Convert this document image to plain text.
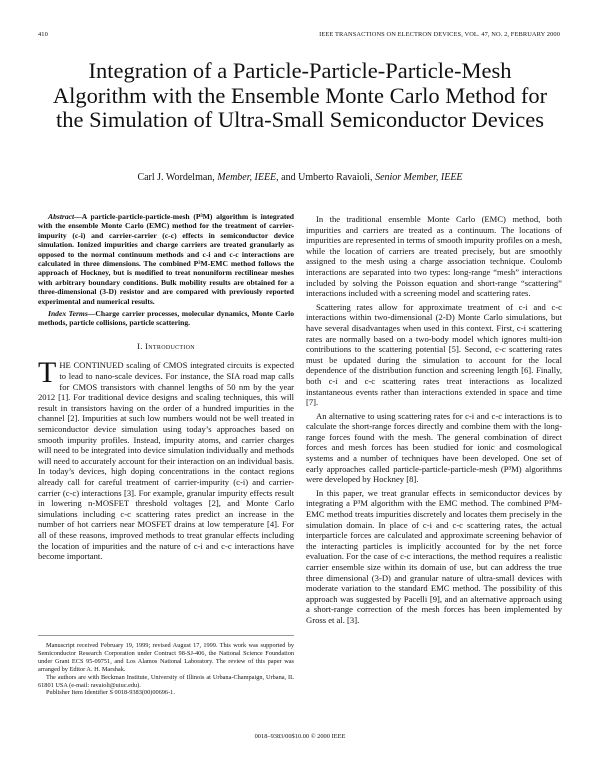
410	IEEE TRANSACTIONS ON ELECTRON DEVICES, VOL. 47, NO. 2, FEBRUARY 2000
Integration of a Particle-Particle-Particle-Mesh Algorithm with the Ensemble Monte Carlo Method for the Simulation of Ultra-Small Semiconductor Devices
Carl J. Wordelman, Member, IEEE, and Umberto Ravaioli, Senior Member, IEEE

Abstract—A particle-particle-particle-mesh (P³M) algorithm is integrated with the ensemble Monte Carlo (EMC) method for the treatment of carrier-impurity (c-i) and carrier-carrier (c-c) effects in semiconductor device simulation. Ionized impurities and charge carriers are treated granularly as opposed to the normal continuum methods and c-i and c-c interactions are calculated in three dimensions. The combined P³M-EMC method follows the approach of Hockney, but is modified to treat nonuniform rectilinear meshes with arbitrary boundary conditions. Bulk mobility results are obtained for a three-dimensional (3-D) resistor and are compared with previously reported experimental and numerical results.

Index Terms—Charge carrier processes, molecular dynamics, Monte Carlo methods, particle collisions, particle scattering.

I. Introduction

THE CONTINUED scaling of CMOS integrated circuits is expected to lead to nano-scale devices. For instance, the SIA road map calls for CMOS transistors with channel lengths of 50 nm by the year 2012 [1]. For traditional device designs and scaling techniques, this will result in transistors having on the order of a hundred impurities in the channel [2]. Impurities at such low numbers would not be well treated in semiconductor device simulation using today’s approaches based on smooth impurity profiles. Instead, impurity atoms, and carrier charges will need to be integrated into device simulation individually and methods will need to accurately account for their interaction on an individual basis. In today’s devices, high doping concentrations in the contact regions already call for careful treatment of carrier-impurity (c-i) and carrier-carrier (c-c) interactions [3]. For example, granular impurity effects result in lowering n-MOSFET threshold voltages [2], and Monte Carlo simulations including c-c scattering rates predict an increase in the number of hot carriers near MOSFET drains at low temperature [4]. For all of these reasons, improved methods to treat granular effects including the location of impurities and the nature of c-i and c-c interactions have become important.

Manuscript received February 19, 1999; revised August 17, 1999. This work was supported by Semiconductor Research Corporation under Contract 98-SJ-406, the National Science Foundation under Grant ECS 95-09751, and Los Alamos National Laboratory. The review of this paper was arranged by Editor A. H. Marshak.

The authors are with Beckman Institute, University of Illinois at Urbana-Champaign, Urbana, IL 61801 USA (e-mail: ravaioli@uiuc.edu).

Publisher Item Identifier S 0018-9383(00)00696-1.

In the traditional ensemble Monte Carlo (EMC) method, both impurities and carriers are treated as a continuum. The locations of impurities are represented in terms of smooth impurity profiles on a mesh, while the location of carriers are treated precisely, but are smoothly assigned to the mesh using a charge association technique. Coulomb interactions are separated into two types: long-range “mesh” interactions included by solving the Poisson equation and short-range “scattering” interactions included with a screening model and scattering rates.

Scattering rates allow for approximate treatment of c-i and c-c interactions within two-dimensional (2-D) Monte Carlo simulations, but have several disadvantages when used in this context. First, c-i scattering rates are normally based on a two-body model which ignores multi-ion contributions to the scattering potential [5]. Second, c-c scattering rates must be updated during the simulation to account for the local dependence of the distribution function and screening length [6]. Finally, both c-i and c-c scattering rates treat interactions as localized instantaneous events rather than interactions extended in space and time [7].

An alternative to using scattering rates for c-i and c-c interactions is to calculate the short-range forces directly and combine them with the long-range forces found with the mesh. The general combination of direct forces and mesh forces has been studied for ionic and cosmological systems and a number of techniques have been developed. One set of early approaches called particle-particle-particle-mesh (P³M) algorithms were developed by Hockney [8].

In this paper, we treat granular effects in semiconductor devices by integrating a P³M algorithm with the EMC method. The combined P³M-EMC method treats impurities discretely and locates them precisely in the simulation domain. In place of c-i and c-c scattering rates, the actual interparticle forces are calculated and approximate screening behavior of the interacting particles is implicitly accounted for by the net force evaluation. For the case of c-c interactions, the method requires a realistic carrier ensemble size within its domain of use, but can address the true three dimensional (3-D) and granular nature of ultra-small devices with moderate variation to the standard EMC method. The possibility of this approach was suggested by Pacelli [9], and an alternative approach using a short-range correction of the mesh forces has been implemented by Gross et al. [3].

0018–9383/00$10.00 © 2000 IEEE
